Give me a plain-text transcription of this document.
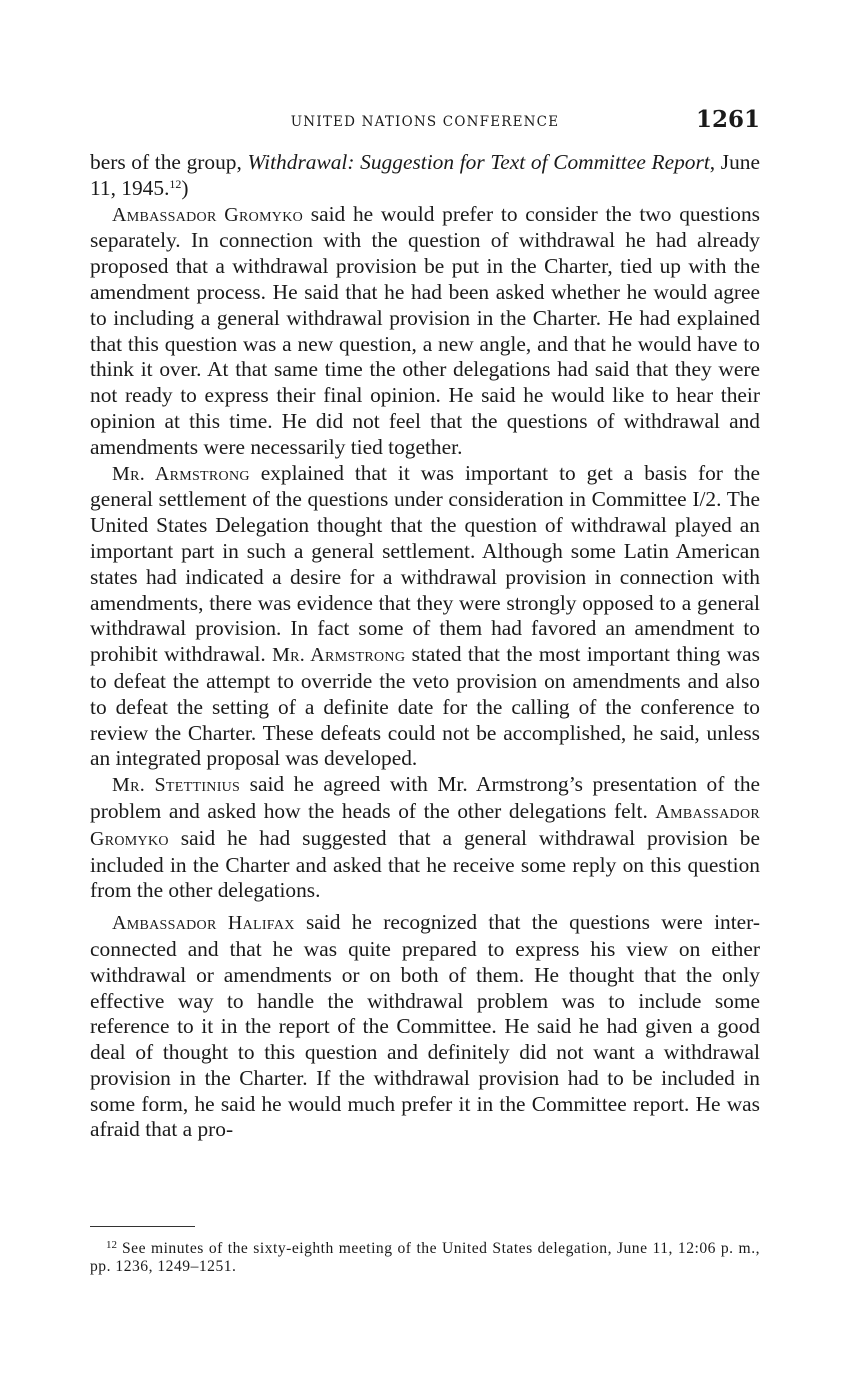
UNITED NATIONS CONFERENCE	1261

bers of the group, Withdrawal: Suggestion for Text of Committee Report, June 11, 1945.12)

Ambassador Gromyko said he would prefer to consider the two questions separately. In connection with the question of withdrawal he had already proposed that a withdrawal provision be put in the Charter, tied up with the amendment process. He said that he had been asked whether he would agree to including a general withdrawal provision in the Charter. He had explained that this question was a new question, a new angle, and that he would have to think it over. At that same time the other delegations had said that they were not ready to express their final opinion. He said he would like to hear their opinion at this time. He did not feel that the questions of withdrawal and amendments were necessarily tied together.

Mr. Armstrong explained that it was important to get a basis for the general settlement of the questions under consideration in Committee I/2. The United States Delegation thought that the question of withdrawal played an important part in such a general settlement. Although some Latin American states had indicated a desire for a withdrawal provision in connection with amendments, there was evidence that they were strongly opposed to a general withdrawal provision. In fact some of them had favored an amendment to prohibit withdrawal. Mr. Armstrong stated that the most important thing was to defeat the attempt to override the veto provision on amendments and also to defeat the setting of a definite date for the calling of the conference to review the Charter. These defeats could not be accomplished, he said, unless an integrated proposal was developed.

Mr. Stettinius said he agreed with Mr. Armstrong’s presentation of the problem and asked how the heads of the other delegations felt. Ambassador Gromyko said he had suggested that a general withdrawal provision be included in the Charter and asked that he receive some reply on this question from the other delegations.

Ambassador Halifax said he recognized that the questions were inter-connected and that he was quite prepared to express his view on either withdrawal or amendments or on both of them. He thought that the only effective way to handle the withdrawal problem was to include some reference to it in the report of the Committee. He said he had given a good deal of thought to this question and definitely did not want a withdrawal provision in the Charter. If the withdrawal provision had to be included in some form, he said he would much prefer it in the Committee report. He was afraid that a pro-

$^{12}$ See minutes of the sixty-eighth meeting of the United States delegation, June 11, 12:06 p. m., pp. 1236, 1249–1251.
